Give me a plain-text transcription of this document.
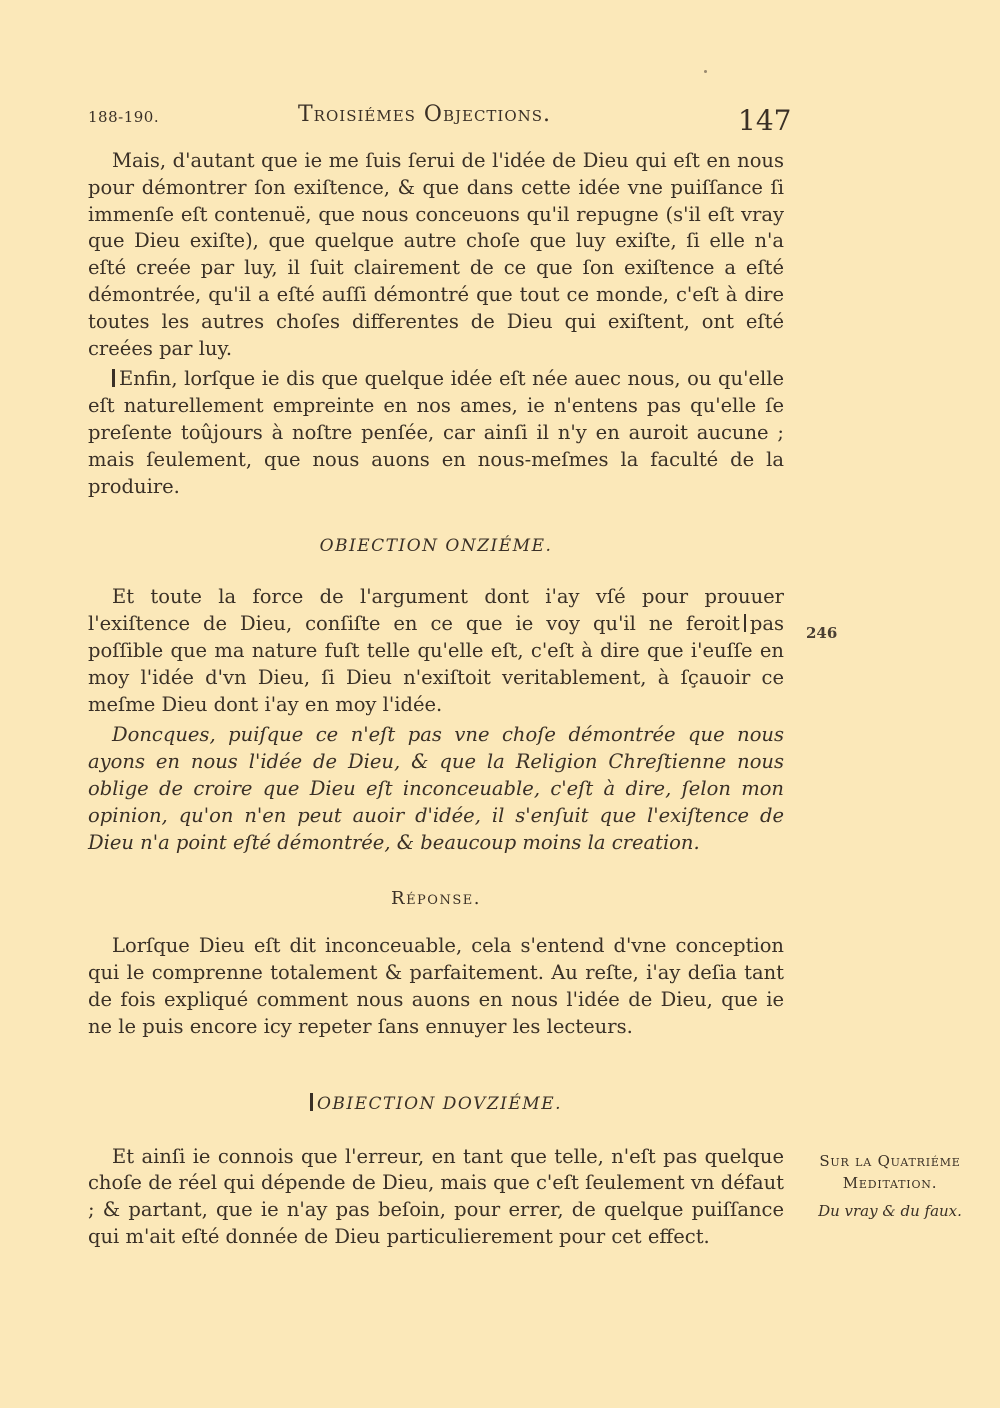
188-190.	Troisiémes Objections.	147

Mais, d'autant que ie me ſuis ſerui de l'idée de Dieu qui eſt en nous pour démontrer ſon exiſtence, & que dans cette idée vne puiſſance ſi immenſe eſt contenuë, que nous conceuons qu'il repugne (s'il eſt vray que Dieu exiſte), que quelque autre choſe que luy exiſte, ſi elle n'a eſté creée par luy, il ſuit clairement de ce que ſon exiſtence a eſté démontrée, qu'il a eſté auſſi démontré que tout ce monde, c'eſt à dire toutes les autres choſes differentes de Dieu qui exiſtent, ont eſté creées par luy.

Enfin, lorſque ie dis que quelque idée eſt née auec nous, ou qu'elle eſt naturellement empreinte en nos ames, ie n'entens pas qu'elle ſe preſente toûjours à noſtre penſée, car ainſi il n'y en auroit aucune ; mais ſeulement, que nous auons en nous-meſmes la faculté de la produire.

OBIECTION ONZIÉME.

Et toute la force de l'argument dont i'ay vſé pour prouuer l'exiſtence de Dieu, conſiſte en ce que ie voy qu'il ne feroit pas poſſible que ma nature fuſt telle qu'elle eſt, c'eſt à dire que i'euſſe en moy l'idée d'vn Dieu, ſi Dieu n'exiſtoit veritablement, à ſçauoir ce meſme Dieu dont i'ay en moy l'idée.

Doncques, puiſque ce n'eſt pas vne choſe démontrée que nous ayons en nous l'idée de Dieu, & que la Religion Chreſtienne nous oblige de croire que Dieu eſt inconceuable, c'eſt à dire, ſelon mon opinion, qu'on n'en peut auoir d'idée, il s'enſuit que l'exiſtence de Dieu n'a point eſté démontrée, & beaucoup moins la creation.

Réponse.

Lorſque Dieu eſt dit inconceuable, cela s'entend d'vne conception qui le comprenne totalement & parfaitement. Au reſte, i'ay deſia tant de fois expliqué comment nous auons en nous l'idée de Dieu, que ie ne le puis encore icy repeter ſans ennuyer les lecteurs.

OBIECTION DOVZIÉME.

Et ainſi ie connois que l'erreur, en tant que telle, n'eſt pas quelque choſe de réel qui dépende de Dieu, mais que c'eſt ſeulement vn défaut ; & partant, que ie n'ay pas beſoin, pour errer, de quelque puiſſance qui m'ait eſté donnée de Dieu particulierement pour cet effect.

246
Sur la Quatriéme
Meditation.
Du vray & du faux.
